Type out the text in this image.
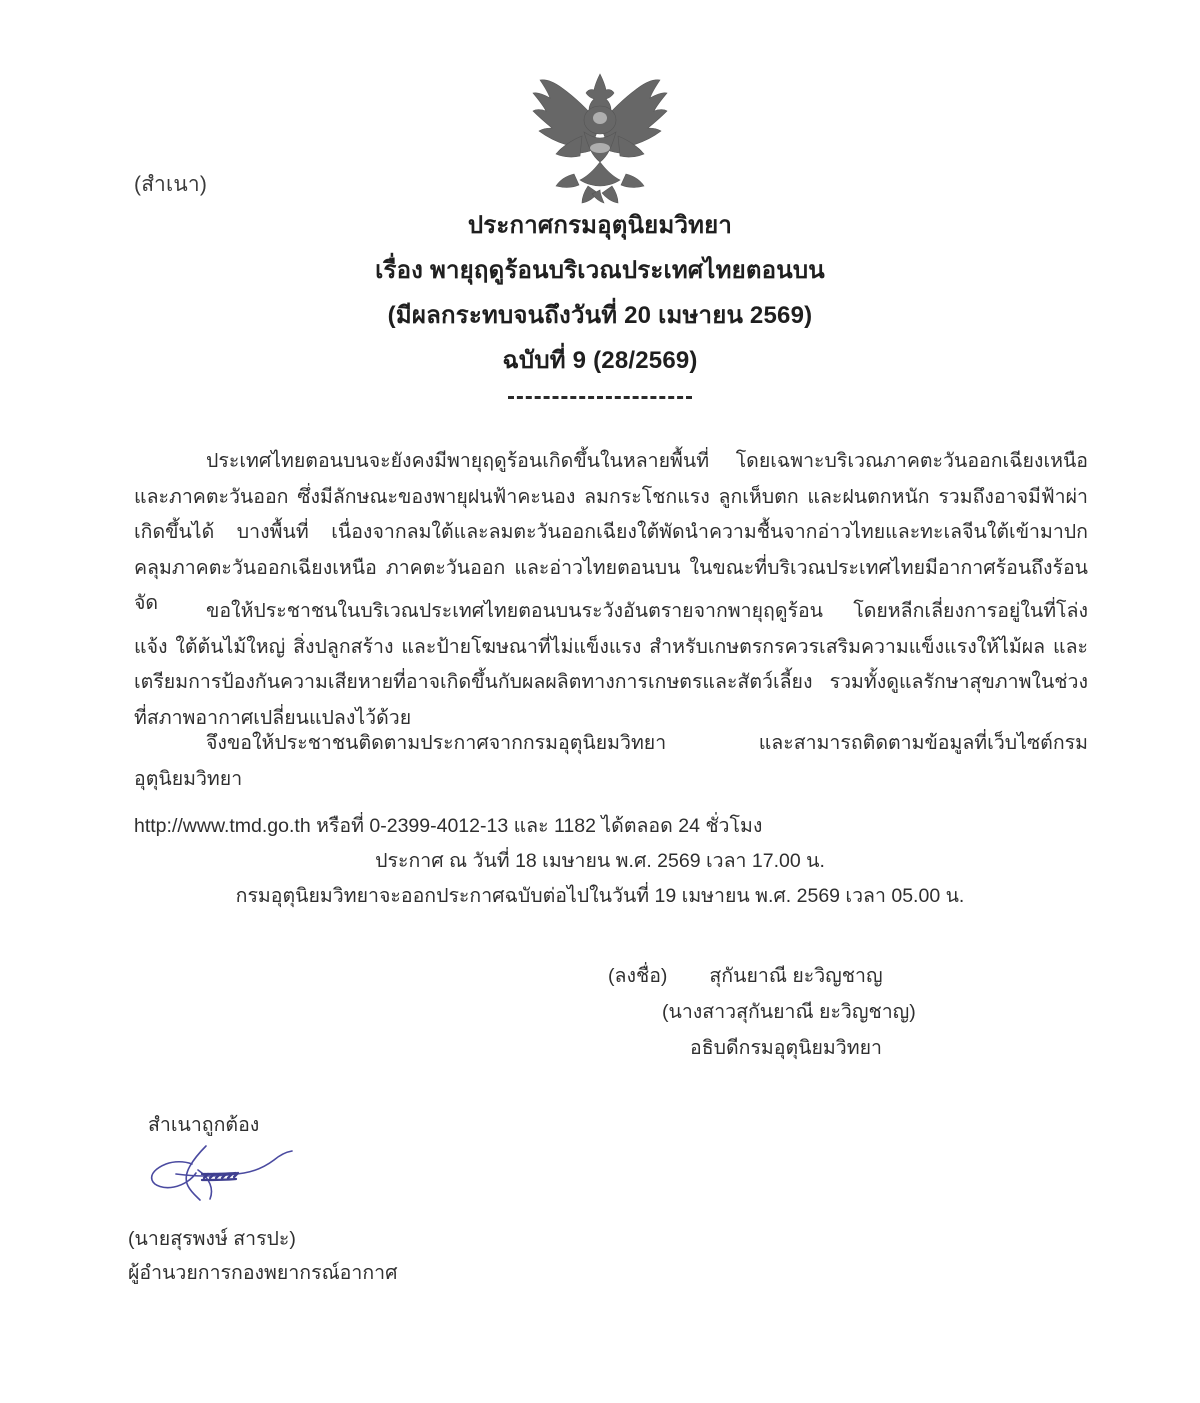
(สำเนา)
ประกาศกรมอุตุนิยมวิทยา
เรื่อง พายุฤดูร้อนบริเวณประเทศไทยตอนบน
(มีผลกระทบจนถึงวันที่ 20 เมษายน 2569)
ฉบับที่ 9 (28/2569)

ประเทศไทยตอนบนจะยังคงมีพายุฤดูร้อนเกิดขึ้นในหลายพื้นที่ โดยเฉพาะบริเวณภาคตะวันออกเฉียงเหนือ และภาคตะวันออก ซึ่งมีลักษณะของพายุฝนฟ้าคะนอง ลมกระโชกแรง ลูกเห็บตก และฝนตกหนัก รวมถึงอาจมีฟ้าผ่าเกิดขึ้นได้ บางพื้นที่ เนื่องจากลมใต้และลมตะวันออกเฉียงใต้พัดนำความชื้นจากอ่าวไทยและทะเลจีนใต้เข้ามาปกคลุมภาคตะวันออกเฉียงเหนือ ภาคตะวันออก และอ่าวไทยตอนบน ในขณะที่บริเวณประเทศไทยมีอากาศร้อนถึงร้อนจัด	ขอให้ประชาชนในบริเวณประเทศไทยตอนบนระวังอันตรายจากพายุฤดูร้อน โดยหลีกเลี่ยงการอยู่ในที่โล่งแจ้ง ใต้ต้นไม้ใหญ่ สิ่งปลูกสร้าง และป้ายโฆษณาที่ไม่แข็งแรง สำหรับเกษตรกรควรเสริมความแข็งแรงให้ไม้ผล และเตรียมการป้องกันความเสียหายที่อาจเกิดขึ้นกับผลผลิตทางการเกษตรและสัตว์เลี้ยง รวมทั้งดูแลรักษาสุขภาพในช่วงที่สภาพอากาศเปลี่ยนแปลงไว้ด้วย

จึงขอให้ประชาชนติดตามประกาศจากกรมอุตุนิยมวิทยา และสามารถติดตามข้อมูลที่เว็บไซต์กรมอุตุนิยมวิทยา

http://www.tmd.go.th หรือที่ 0-2399-4012-13 และ 1182 ได้ตลอด 24 ชั่วโมง

ประกาศ ณ วันที่ 18 เมษายน พ.ศ. 2569 เวลา 17.00 น.
กรมอุตุนิยมวิทยาจะออกประกาศฉบับต่อไปในวันที่ 19 เมษายน พ.ศ. 2569 เวลา 05.00 น.
(ลงชื่อ) สุกันยาณี ยะวิญชาญ
(นางสาวสุกันยาณี ยะวิญชาญ)
อธิบดีกรมอุตุนิยมวิทยา
สำเนาถูกต้อง
(นายสุรพงษ์ สารปะ)
ผู้อำนวยการกองพยากรณ์อากาศ
